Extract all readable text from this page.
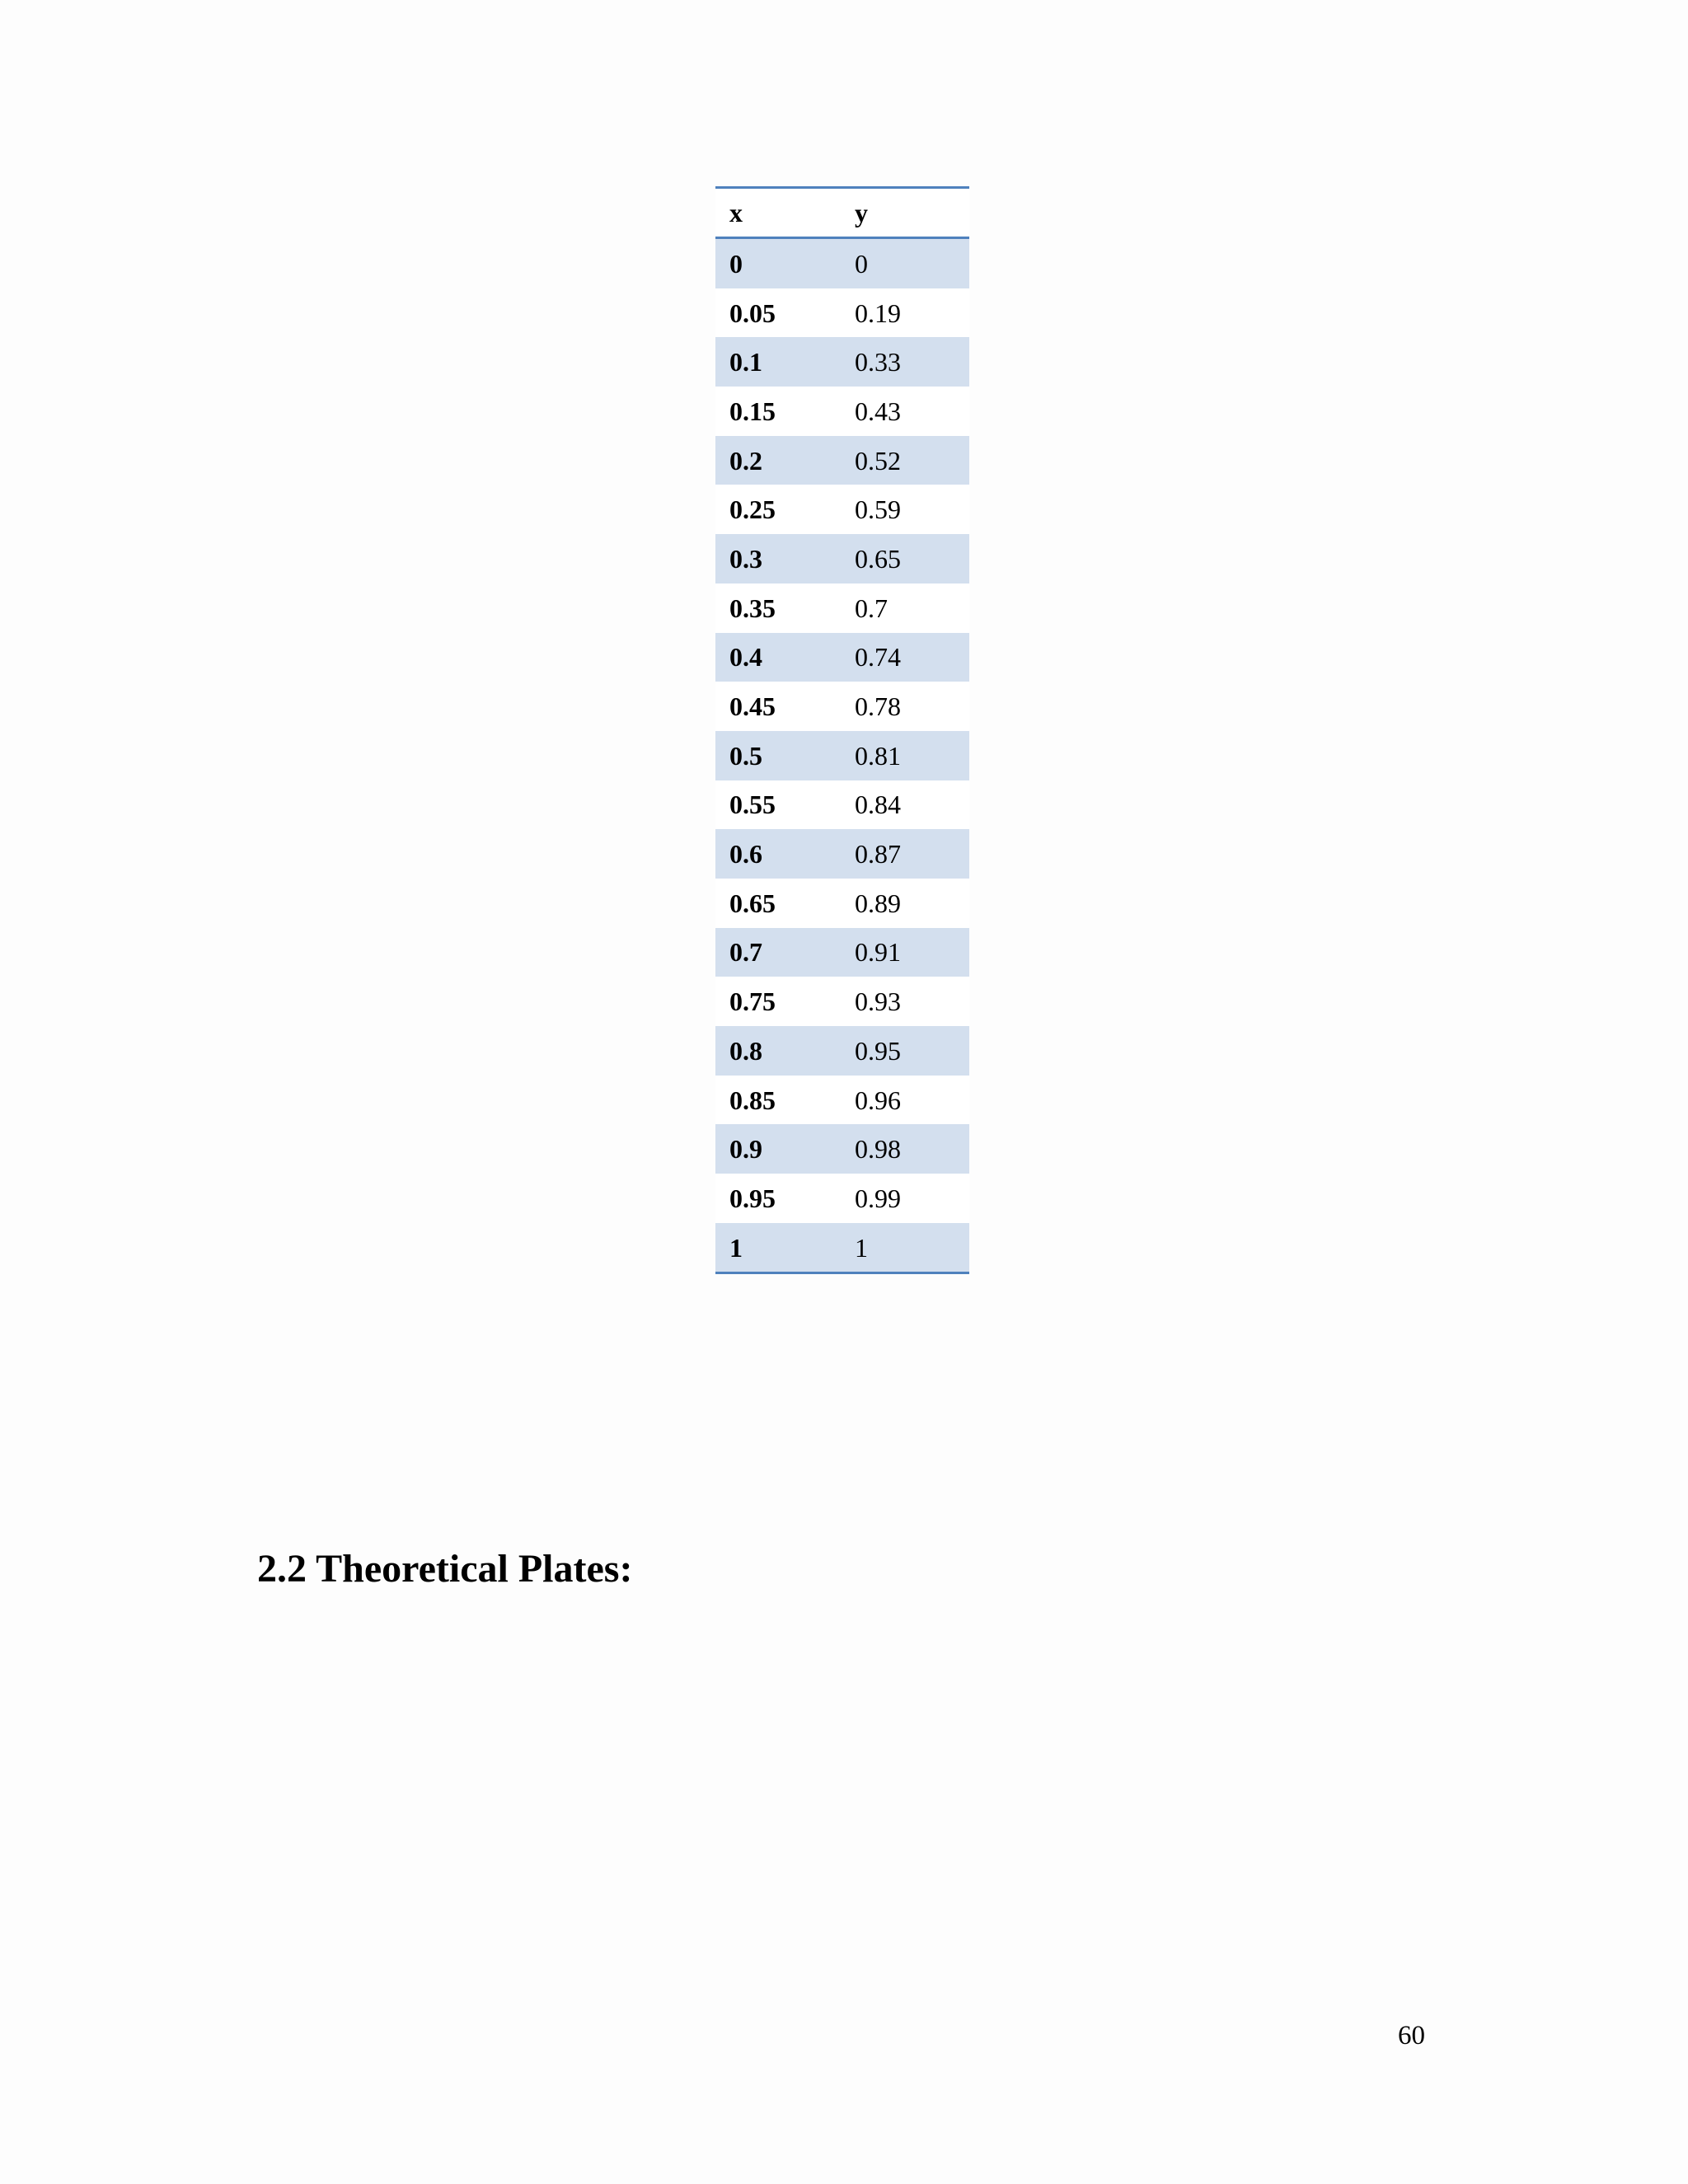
x	y
0	0
0.05	0.19
0.1	0.33
0.15	0.43
0.2	0.52
0.25	0.59
0.3	0.65
0.35	0.7
0.4	0.74
0.45	0.78
0.5	0.81
0.55	0.84
0.6	0.87
0.65	0.89
0.7	0.91
0.75	0.93
0.8	0.95
0.85	0.96
0.9	0.98
0.95	0.99
1	1
2.2 Theoretical Plates:
60
